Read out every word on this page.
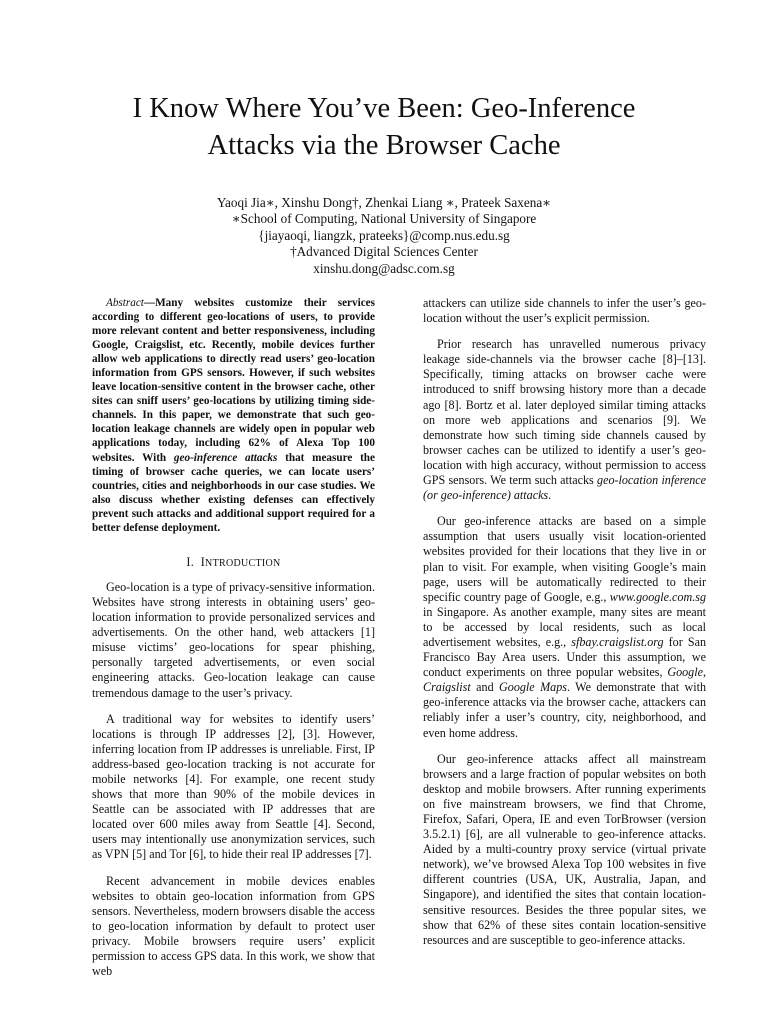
I Know Where You’ve Been: Geo-Inference
Attacks via the Browser Cache
Yaoqi Jia∗, Xinshu Dong†, Zhenkai Liang ∗, Prateek Saxena∗
∗School of Computing, National University of Singapore
{jiayaoqi, liangzk, prateeks}@comp.nus.edu.sg
†Advanced Digital Sciences Center
xinshu.dong@adsc.com.sg
Abstract—Many websites customize their services according to different geo-locations of users, to provide more relevant content and better responsiveness, including Google, Craigslist, etc. Recently, mobile devices further allow web applications to directly read users’ geo-location information from GPS sensors. However, if such websites leave location-sensitive content in the browser cache, other sites can sniff users’ geo-locations by utilizing timing side-channels. In this paper, we demonstrate that such geo-location leakage channels are widely open in popular web applications today, including 62% of Alexa Top 100 websites. With geo-inference attacks that measure the timing of browser cache queries, we can locate users’ countries, cities and neighborhoods in our case studies. We also discuss whether existing defenses can effectively prevent such attacks and additional support required for a better defense deployment.
I. INTRODUCTION

Geo-location is a type of privacy-sensitive information. Websites have strong interests in obtaining users’ geo-location information to provide personalized services and advertisements. On the other hand, web attackers [1] misuse victims’ geo-locations for spear phishing, personally targeted advertisements, or even social engineering attacks. Geo-location leakage can cause tremendous damage to the user’s privacy.

A traditional way for websites to identify users’ locations is through IP addresses [2], [3]. However, inferring location from IP addresses is unreliable. First, IP address-based geo-location tracking is not accurate for mobile networks [4]. For example, one recent study shows that more than 90% of the mobile devices in Seattle can be associated with IP addresses that are located over 600 miles away from Seattle [4]. Second, users may intentionally use anonymization services, such as VPN [5] and Tor [6], to hide their real IP addresses [7].

Recent advancement in mobile devices enables websites to obtain geo-location information from GPS sensors. Nevertheless, modern browsers disable the access to geo-location information by default to protect user privacy. Mobile browsers require users’ explicit permission to access GPS data. In this work, we show that web

attackers can utilize side channels to infer the user’s geo-location without the user’s explicit permission.

Prior research has unravelled numerous privacy leakage side-channels via the browser cache [8]–[13]. Specifically, timing attacks on browser cache were introduced to sniff browsing history more than a decade ago [8]. Bortz et al. later deployed similar timing attacks on more web applications and scenarios [9]. We demonstrate how such timing side channels caused by browser caches can be utilized to identify a user’s geo-location with high accuracy, without permission to access GPS sensors. We term such attacks geo-location inference (or geo-inference) attacks.

Our geo-inference attacks are based on a simple assumption that users usually visit location-oriented websites provided for their locations that they live in or plan to visit. For example, when visiting Google’s main page, users will be automatically redirected to their specific country page of Google, e.g., www.google.com.sg in Singapore. As another example, many sites are meant to be accessed by local residents, such as local advertisement websites, e.g., sfbay.craigslist.org for San Francisco Bay Area users. Under this assumption, we conduct experiments on three popular websites, Google, Craigslist and Google Maps. We demonstrate that with geo-inference attacks via the browser cache, attackers can reliably infer a user’s country, city, neighborhood, and even home address.

Our geo-inference attacks affect all mainstream browsers and a large fraction of popular websites on both desktop and mobile browsers. After running experiments on five mainstream browsers, we find that Chrome, Firefox, Safari, Opera, IE and even TorBrowser (version 3.5.2.1) [6], are all vulnerable to geo-inference attacks. Aided by a multi-country proxy service (virtual private network), we’ve browsed Alexa Top 100 websites in five different countries (USA, UK, Australia, Japan, and Singapore), and identified the sites that contain location-sensitive resources. Besides the three popular sites, we show that 62% of these sites contain location-sensitive resources and are susceptible to geo-inference attacks.
